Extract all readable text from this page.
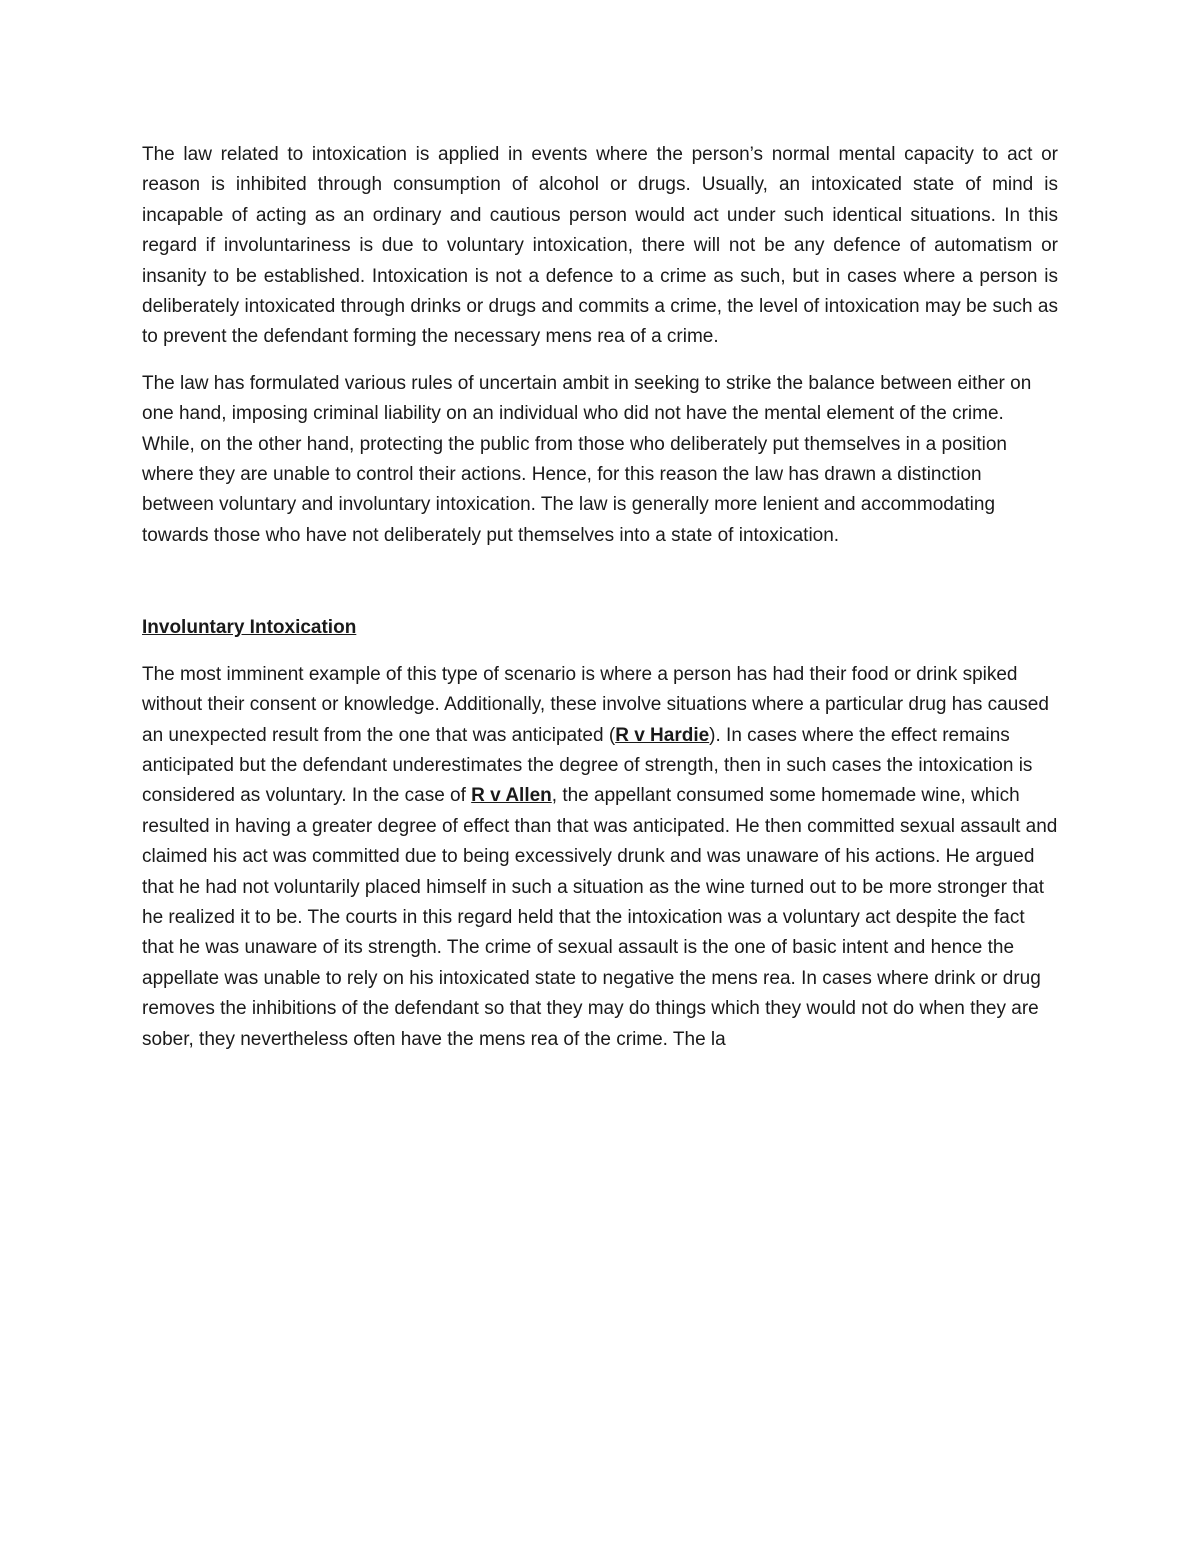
The law related to intoxication is applied in events where the person’s normal mental capacity to act or reason is inhibited through consumption of alcohol or drugs. Usually, an intoxicated state of mind is incapable of acting as an ordinary and cautious person would act under such identical situations. In this regard if involuntariness is due to voluntary intoxication, there will not be any defence of automatism or insanity to be established. Intoxication is not a defence to a crime as such, but in cases where a person is deliberately intoxicated through drinks or drugs and commits a crime, the level of intoxication may be such as to prevent the defendant forming the necessary mens rea of a crime.

The law has formulated various rules of uncertain ambit in seeking to strike the balance between either on one hand, imposing criminal liability on an individual who did not have the mental element of the crime. While, on the other hand, protecting the public from those who deliberately put themselves in a position where they are unable to control their actions. Hence, for this reason the law has drawn a distinction between voluntary and involuntary intoxication. The law is generally more lenient and accommodating towards those who have not deliberately put themselves into a state of intoxication.

Involuntary Intoxication

The most imminent example of this type of scenario is where a person has had their food or drink spiked without their consent or knowledge. Additionally, these involve situations where a particular drug has caused an unexpected result from the one that was anticipated (R v Hardie). In cases where the effect remains anticipated but the defendant underestimates the degree of strength, then in such cases the intoxication is considered as voluntary. In the case of R v Allen, the appellant consumed some homemade wine, which resulted in having a greater degree of effect than that was anticipated. He then committed sexual assault and claimed his act was committed due to being excessively drunk and was unaware of his actions. He argued that he had not voluntarily placed himself in such a situation as the wine turned out to be more stronger that he realized it to be. The courts in this regard held that the intoxication was a voluntary act despite the fact that he was unaware of its strength. The crime of sexual assault is the one of basic intent and hence the appellate was unable to rely on his intoxicated state to negative the mens rea. In cases where drink or drug removes the inhibitions of the defendant so that they may do things which they would not do when they are sober, they nevertheless often have the mens rea of the crime. The la
